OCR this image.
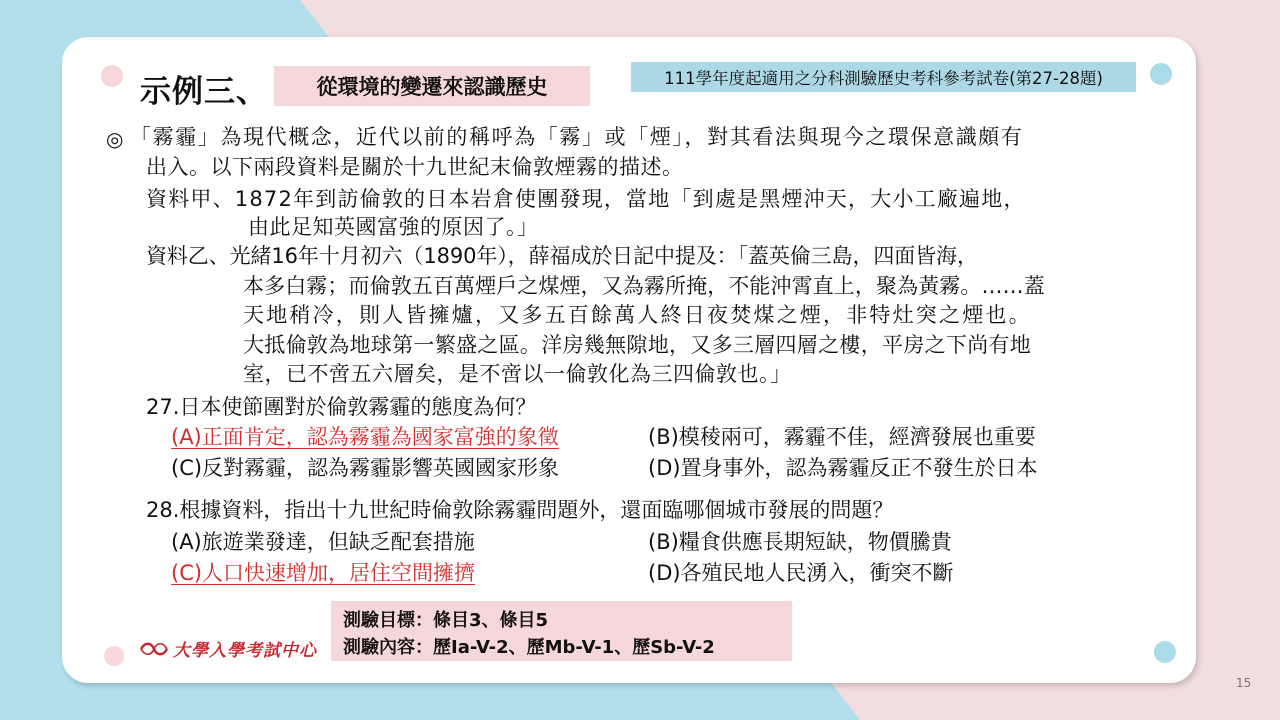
示例三、	從環境的變遷來認識歷史	111學年度起適用之分科測驗歷史考科參考試卷(第27-28題)
◎ 「霧霾」為現代概念，近代以前的稱呼為「霧」或「煙」，對其看法與現今之環保意識頗有
出入。以下兩段資料是關於十九世紀末倫敦煙霧的描述。
資料甲、1872年到訪倫敦的日本岩倉使團發現，當地「到處是黑煙沖天，大小工廠遍地，
由此足知英國富強的原因了。」
資料乙、光緒16年十月初六（1890年），薛福成於日記中提及：「蓋英倫三島，四面皆海，
本多白霧；而倫敦五百萬煙戶之煤煙，又為霧所掩，不能沖霄直上，聚為黃霧。……蓋
天地稍冷，則人皆擁爐，又多五百餘萬人終日夜焚煤之煙，非特灶突之煙也。
大抵倫敦為地球第一繁盛之區。洋房幾無隙地，又多三層四層之樓，平房之下尚有地
室，已不啻五六層矣，是不啻以一倫敦化為三四倫敦也。」
27.日本使節團對於倫敦霧霾的態度為何？
(A)正面肯定，認為霧霾為國家富強的象徵	(B)模稜兩可，霧霾不佳，經濟發展也重要
(C)反對霧霾，認為霧霾影響英國國家形象	(D)置身事外，認為霧霾反正不發生於日本
28.根據資料，指出十九世紀時倫敦除霧霾問題外，還面臨哪個城市發展的問題？
(A)旅遊業發達，但缺乏配套措施	(B)糧食供應長期短缺，物價騰貴
(C)人口快速增加，居住空間擁擠	(D)各殖民地人民湧入，衝突不斷
測驗目標：條目3、條目5
測驗內容：歷Ia-V-2、歷Mb-V-1、歷Sb-V-2
大學入學考試中心
15
